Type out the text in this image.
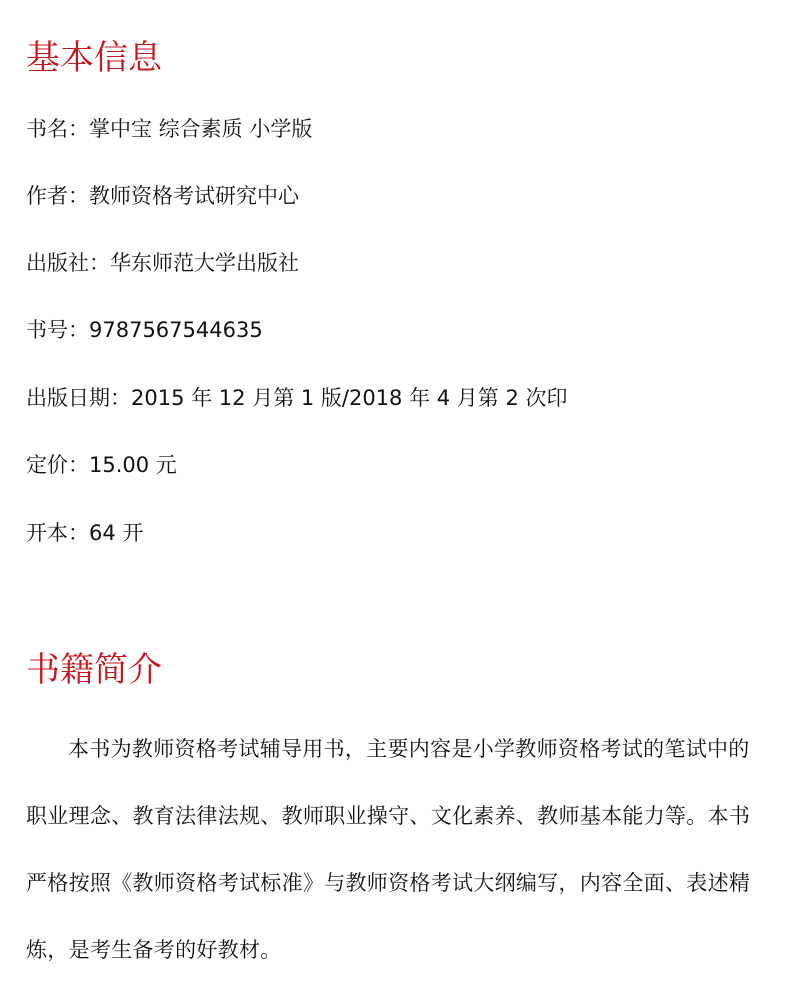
基本信息

书名：掌中宝 综合素质 小学版

作者：教师资格考试研究中心

出版社：华东师范大学出版社

书号：9787567544635

出版日期：2015 年 12 月第 1 版/2018 年 4 月第 2 次印

定价：15.00 元

开本：64 开

书籍简介

本书为教师资格考试辅导用书，主要内容是小学教师资格考试的笔试中的职业理念、教育法律法规、教师职业操守、文化素养、教师基本能力等。本书严格按照《教师资格考试标准》与教师资格考试大纲编写，内容全面、表述精炼，是考生备考的好教材。
